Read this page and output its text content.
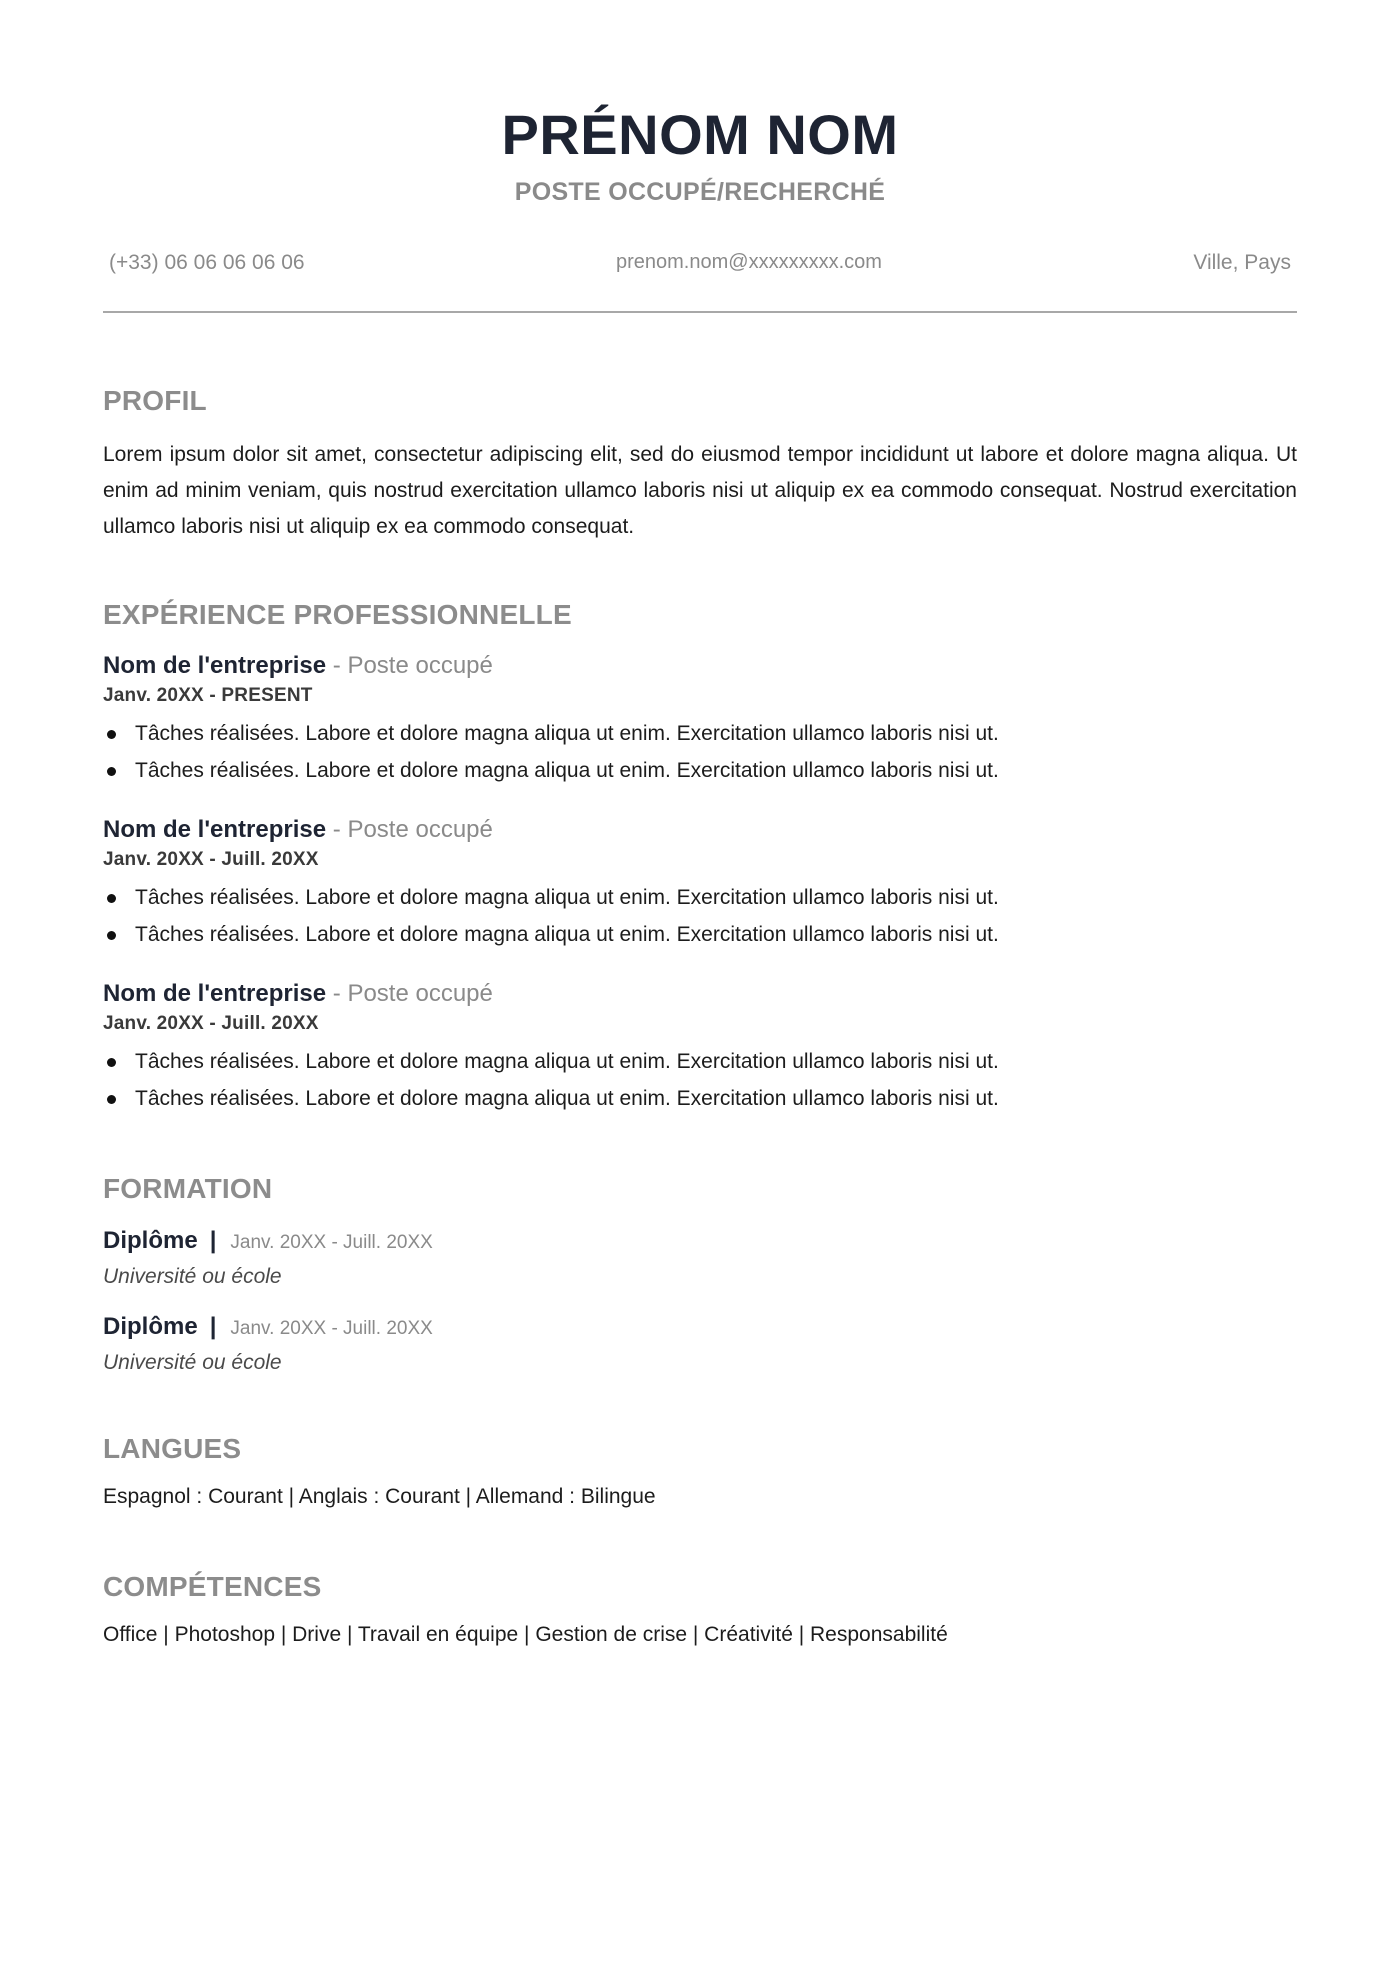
PRÉNOM NOM
POSTE OCCUPÉ/RECHERCHÉ
(+33) 06 06 06 06 06	prenom.nom@xxxxxxxxx.com	Ville, Pays
PROFIL

Lorem ipsum dolor sit amet, consectetur adipiscing elit, sed do eiusmod tempor incididunt ut labore et dolore magna aliqua. Ut enim ad minim veniam, quis nostrud exercitation ullamco laboris nisi ut aliquip ex ea commodo consequat. Nostrud exercitation ullamco laboris nisi ut aliquip ex ea commodo consequat.

EXPÉRIENCE PROFESSIONNELLE
Nom de l'entreprise - Poste occupé
Janv. 20XX - PRESENT
Tâches réalisées. Labore et dolore magna aliqua ut enim. Exercitation ullamco laboris nisi ut.
Tâches réalisées. Labore et dolore magna aliqua ut enim. Exercitation ullamco laboris nisi ut.
Nom de l'entreprise - Poste occupé
Janv. 20XX - Juill. 20XX
Tâches réalisées. Labore et dolore magna aliqua ut enim. Exercitation ullamco laboris nisi ut.
Tâches réalisées. Labore et dolore magna aliqua ut enim. Exercitation ullamco laboris nisi ut.
Nom de l'entreprise - Poste occupé
Janv. 20XX - Juill. 20XX
Tâches réalisées. Labore et dolore magna aliqua ut enim. Exercitation ullamco laboris nisi ut.
Tâches réalisées. Labore et dolore magna aliqua ut enim. Exercitation ullamco laboris nisi ut.
FORMATION
Diplôme | Janv. 20XX - Juill. 20XX
Université ou école
Diplôme | Janv. 20XX - Juill. 20XX
Université ou école
LANGUES
Espagnol : Courant | Anglais : Courant | Allemand : Bilingue
COMPÉTENCES
Office | Photoshop | Drive | Travail en équipe | Gestion de crise | Créativité | Responsabilité
